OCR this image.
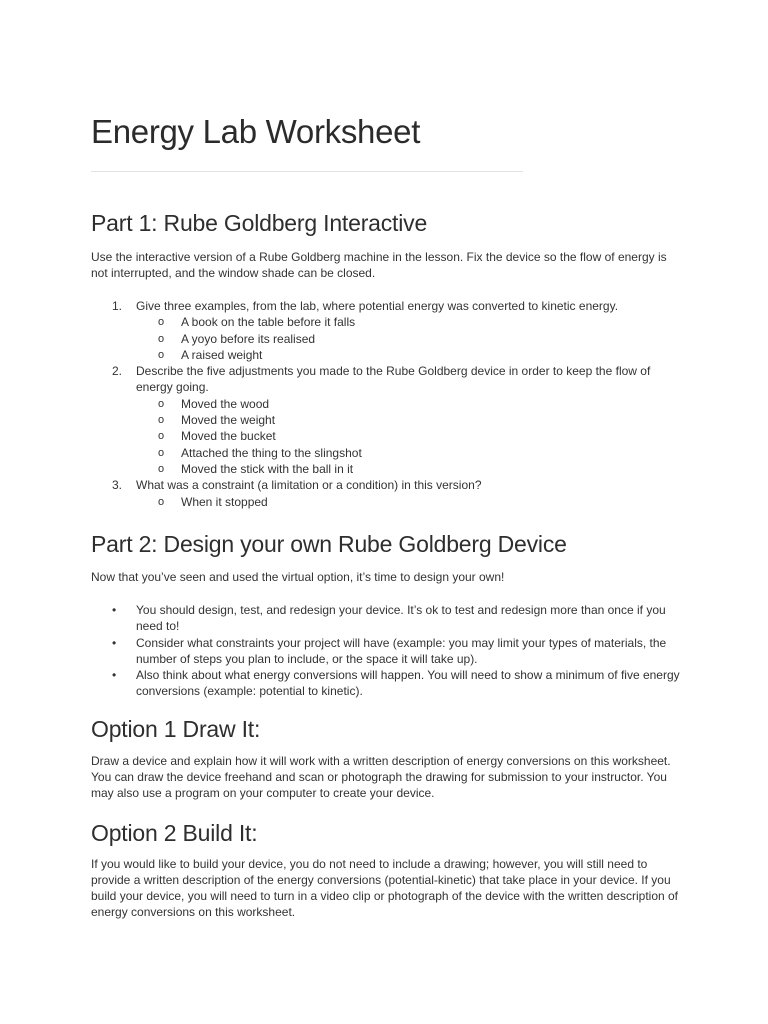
Energy Lab Worksheet
Part 1: Rube Goldberg Interactive

Use the interactive version of a Rube Goldberg machine in the lesson. Fix the device so the flow of energy is not interrupted, and the window shade can be closed.

1. Give three examples, from the lab, where potential energy was converted to kinetic energy.
o A book on the table before it falls
o A yoyo before its realised
o A raised weight
2. Describe the five adjustments you made to the Rube Goldberg device in order to keep the flow of energy going.
o Moved the wood
o Moved the weight
o Moved the bucket
o Attached the thing to the slingshot
o Moved the stick with the ball in it
3. What was a constraint (a limitation or a condition) in this version?
o When it stopped
Part 2: Design your own Rube Goldberg Device

Now that you’ve seen and used the virtual option, it’s time to design your own!

• You should design, test, and redesign your device. It’s ok to test and redesign more than once if you need to!
• Consider what constraints your project will have (example: you may limit your types of materials, the number of steps you plan to include, or the space it will take up).
• Also think about what energy conversions will happen. You will need to show a minimum of five energy conversions (example: potential to kinetic).
Option 1 Draw It:

Draw a device and explain how it will work with a written description of energy conversions on this worksheet. You can draw the device freehand and scan or photograph the drawing for submission to your instructor. You may also use a program on your computer to create your device.

Option 2 Build It:

If you would like to build your device, you do not need to include a drawing; however, you will still need to provide a written description of the energy conversions (potential-kinetic) that take place in your device. If you build your device, you will need to turn in a video clip or photograph of the device with the written description of energy conversions on this worksheet.
